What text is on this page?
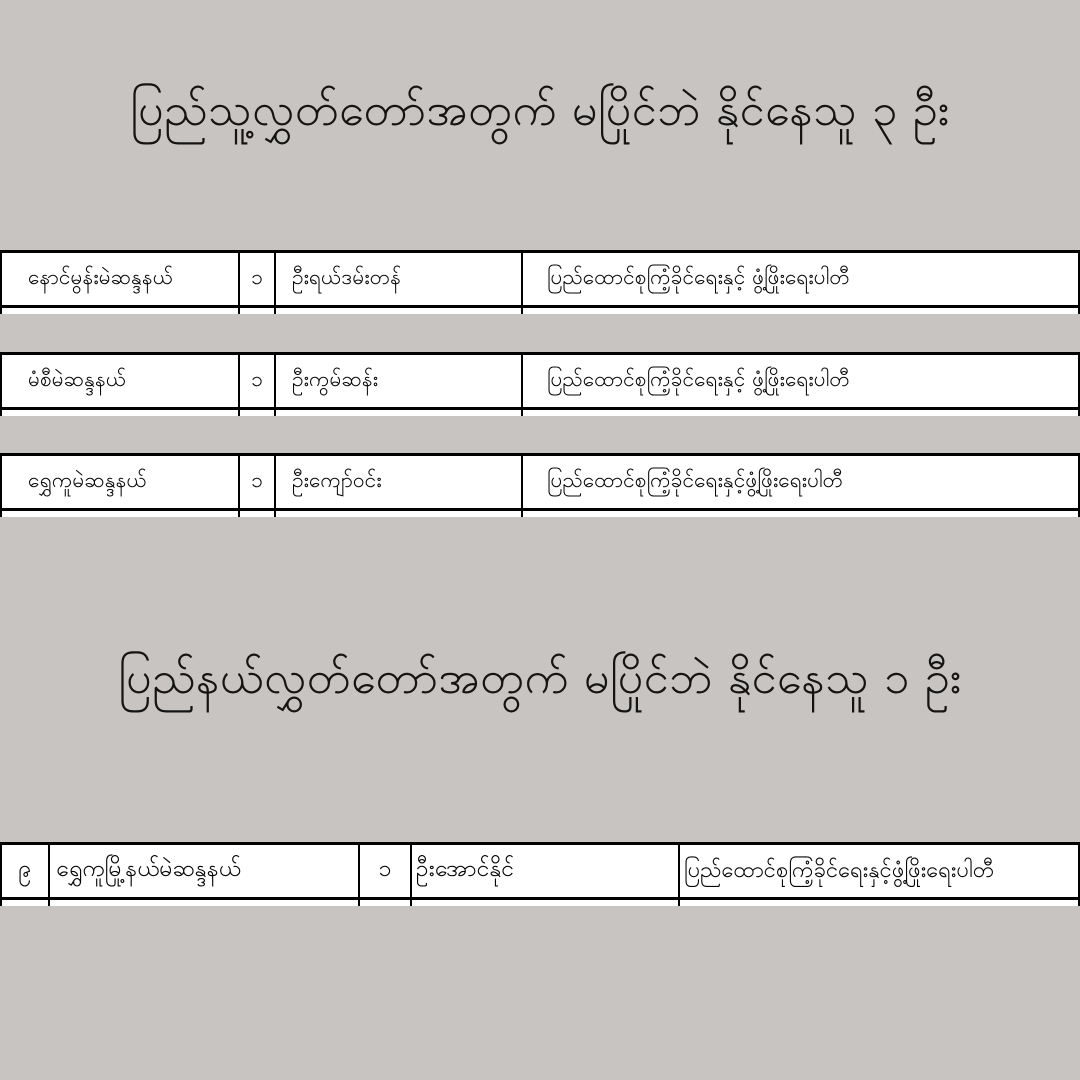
ပြည်သူ့လွှတ်တော်အတွက် မပြိုင်ဘဲ နိုင်နေသူ ၃ ဦး
နောင်မွန်းမဲဆန္ဒနယ်	၁	ဦးရယ်ဒမ်းတန်	ပြည်ထောင်စုကြံ့ခိုင်ရေးနှင့် ဖွံ့ဖြိုးရေးပါတီ
မံစီမဲဆန္ဒနယ်	၁	ဦးကွမ်ဆန်း	ပြည်ထောင်စုကြံ့ခိုင်ရေးနှင့် ဖွံ့ဖြိုးရေးပါတီ
ရွှေကူမဲဆန္ဒနယ်	၁	ဦးကျော်ဝင်း	ပြည်ထောင်စုကြံ့ခိုင်ရေးနှင့်ဖွံ့ဖြိုးရေးပါတီ
ပြည်နယ်လွှတ်တော်အတွက် မပြိုင်ဘဲ နိုင်နေသူ ၁ ဦး
၉	ရွှေကူမြို့နယ်မဲဆန္ဒနယ်	၁	ဦးအောင်နိုင်	ပြည်ထောင်စုကြံ့ခိုင်ရေးနှင့်ဖွံ့ဖြိုးရေးပါတီ
